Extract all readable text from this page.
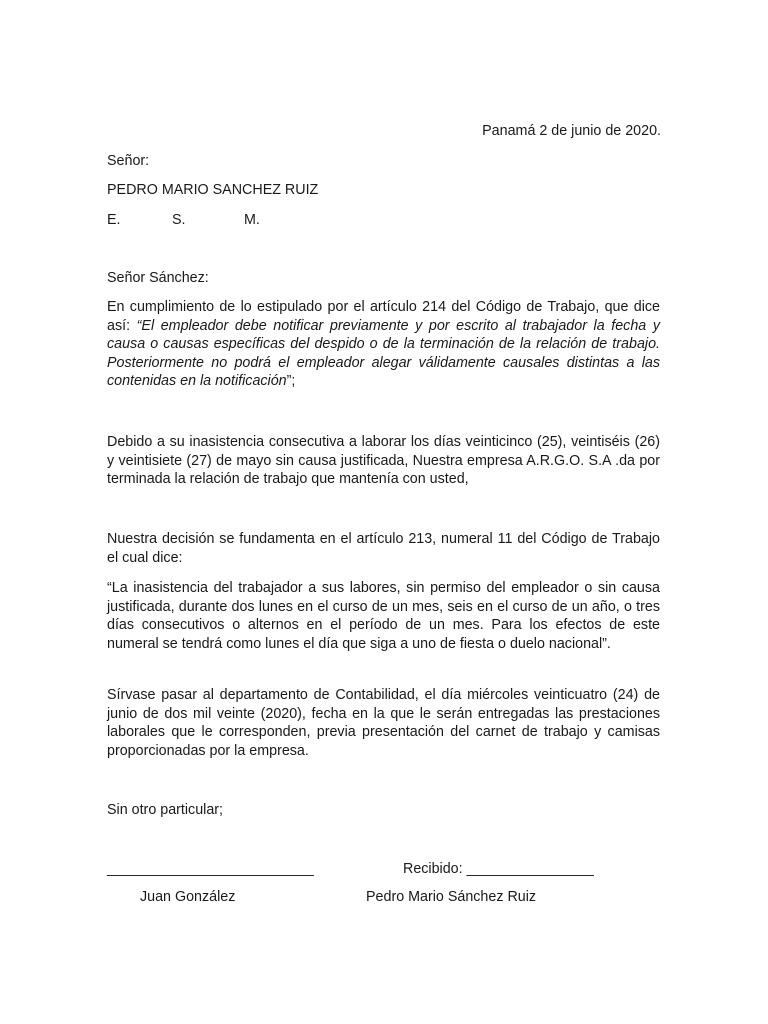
Panamá 2 de junio de 2020.
Señor:
PEDRO MARIO SANCHEZ RUIZ
E.	S.	M.
Señor Sánchez:
En cumplimiento de lo estipulado por el artículo 214 del Código de Trabajo, que dice así: “El empleador debe notificar previamente y por escrito al trabajador la fecha y causa o causas específicas del despido o de la terminación de la relación de trabajo. Posteriormente no podrá el empleador alegar válidamente causales distintas a las contenidas en la notificación”;
Debido a su inasistencia consecutiva a laborar los días veinticinco (25), veintiséis (26) y veintisiete (27) de mayo sin causa justificada, Nuestra empresa A.R.G.O. S.A .da por terminada la relación de trabajo que mantenía con usted,
Nuestra decisión se fundamenta en el artículo 213, numeral 11 del Código de Trabajo el cual dice:
“La inasistencia del trabajador a sus labores, sin permiso del empleador o sin causa justificada, durante dos lunes en el curso de un mes, seis en el curso de un año, o tres días consecutivos o alternos en el período de un mes. Para los efectos de este numeral se tendrá como lunes el día que siga a uno de fiesta o duelo nacional”.
Sírvase pasar al departamento de Contabilidad, el día miércoles veinticuatro (24) de junio de dos mil veinte (2020), fecha en la que le serán entregadas las prestaciones laborales que le corresponden, previa presentación del carnet de trabajo y camisas proporcionadas por la empresa.
Sin otro particular;
__________________________	Recibido: ________________
Juan González	Pedro Mario Sánchez Ruiz
